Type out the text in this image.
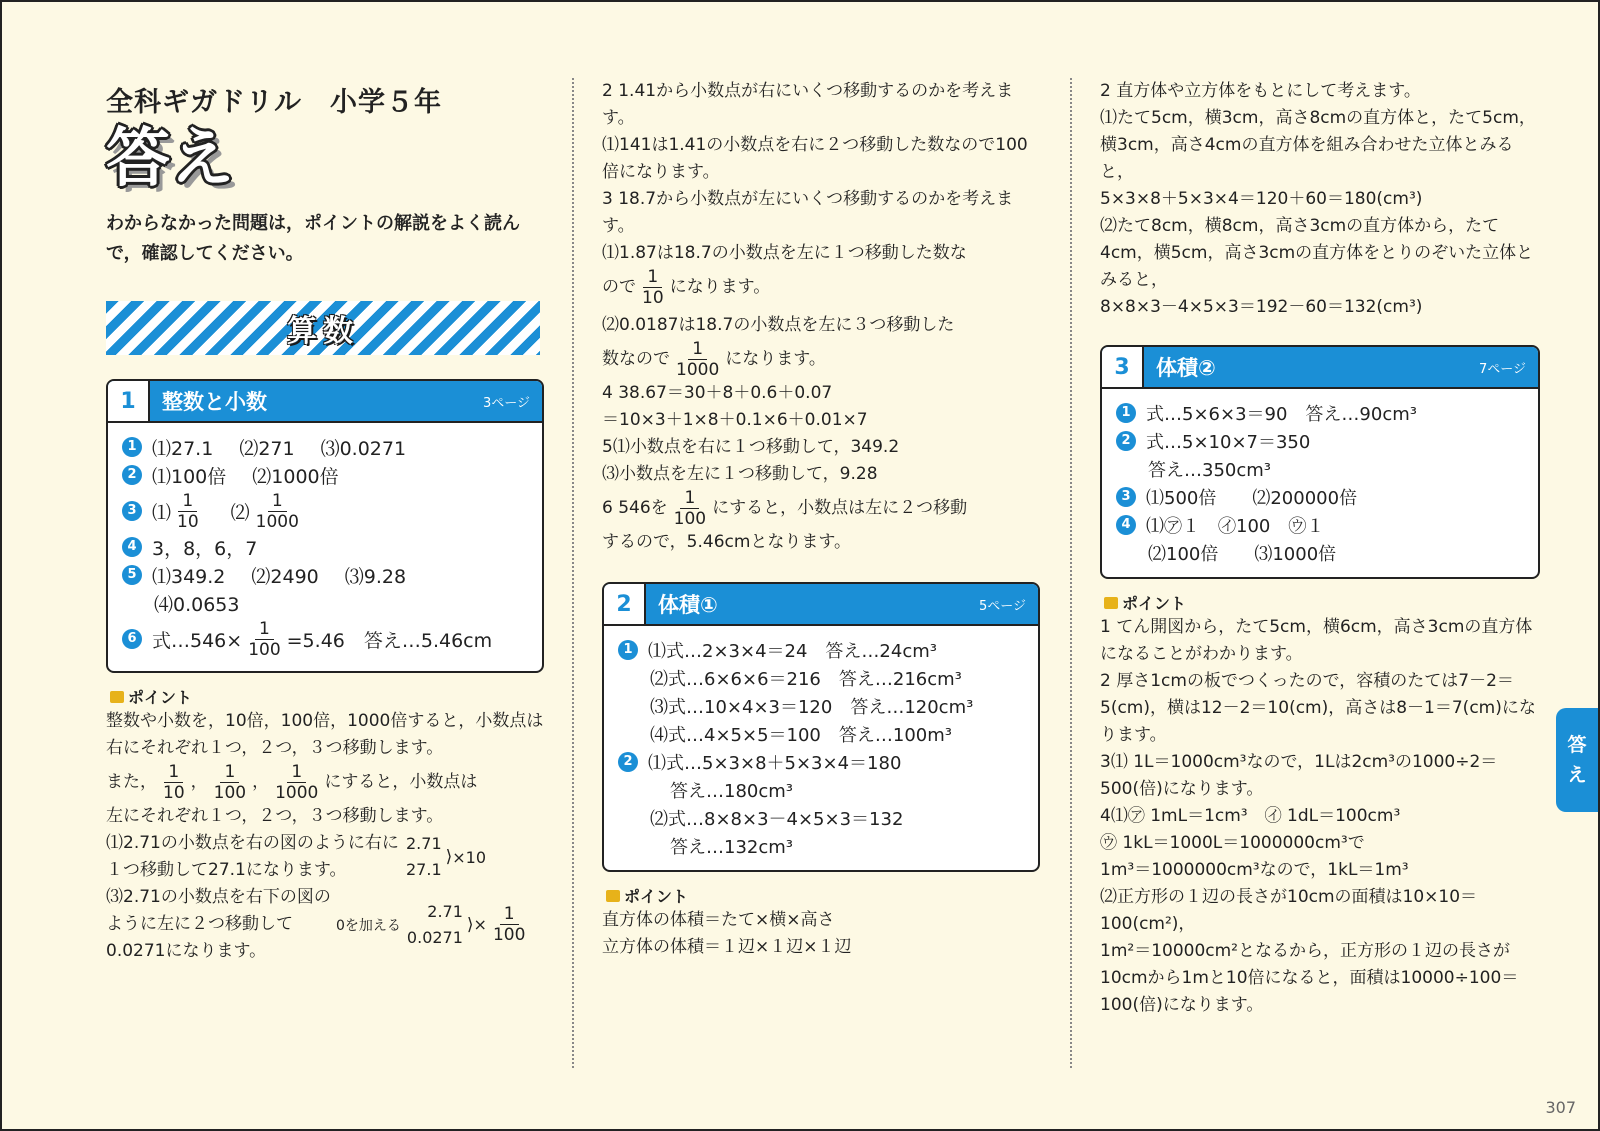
全科ギガドリル　小学５年
答え
わからなかった問題は，ポイントの解説をよく読んで，確認してください。
算数
1	整数と小数	3ページ
1 ⑴27.1 ⑵271 ⑶0.0271
2 ⑴100倍 ⑵1000倍
3 ⑴ $\frac{1}{10}$ ⑵ $\frac{1}{1000}$
4 3，8，6，7
5 ⑴349.2 ⑵2490 ⑶9.28
⑷0.0653
6 式…546× $\frac{1}{100} =5.46$　答え…5.46cm
ポイント
整数や小数を，10倍，100倍，1000倍すると，小数点は右にそれぞれ１つ，２つ，３つ移動します。
また， $\frac{1}{10}$ ， $\frac{1}{100}$ ， $\frac{1}{1000}$ にすると，小数点は
左にそれぞれ１つ，２つ，３つ移動します。
⑴2.71の小数点を右の図のように右に１つ移動して27.1になります。
2.71
27.1
⟩ ×10
⑶2.71の小数点を右下の図のように左に２つ移動して0.0271になります。
0を加える
2.71
0.0271
⟩ × $\frac{1}{100}$
2 1.41から小数点が右にいくつ移動するのかを考えます。
⑴141は1.41の小数点を右に２つ移動した数なので100倍になります。
3 18.7から小数点が左にいくつ移動するのかを考えます。
⑴1.87は18.7の小数点を左に１つ移動した数な
ので $\frac{1}{10}$ になります。
⑵0.0187は18.7の小数点を左に３つ移動した
数なので $\frac{1}{1000}$ になります。
4 38.67＝30＋8＋0.6＋0.07
＝10×3＋1×8＋0.1×6＋0.01×7
5⑴小数点を右に１つ移動して，349.2
⑶小数点を左に１つ移動して，9.28
6 546を $\frac{1}{100}$ にすると，小数点は左に２つ移動
するので，5.46cmとなります。
2	体積①	5ページ
1 ⑴式…2×3×4＝24　答え…24cm³
⑵式…6×6×6＝216　答え…216cm³
⑶式…10×4×3＝120　答え…120cm³
⑷式…4×5×5＝100　答え…100m³
2 ⑴式…5×3×8＋5×3×4＝180
答え…180cm³
⑵式…8×8×3－4×5×3＝132
答え…132cm³
ポイント
直方体の体積＝たて×横×高さ
立方体の体積＝１辺×１辺×１辺
2 直方体や立方体をもとにして考えます。
⑴たて5cm，横3cm，高さ8cmの直方体と，たて5cm，横3cm，高さ4cmの直方体を組み合わせた立体とみると，
5×3×8＋5×3×4＝120＋60＝180(cm³)
⑵たて8cm，横8cm，高さ3cmの直方体から，たて4cm，横5cm，高さ3cmの直方体をとりのぞいた立体とみると，
8×8×3－4×5×3＝192－60＝132(cm³)
3	体積②	7ページ
1 式…5×6×3＝90　答え…90cm³
2 式…5×10×7＝350
答え…350cm³
3 ⑴500倍　　⑵200000倍
4 ⑴㋐１　㋑100　㋒１
⑵100倍　　⑶1000倍
ポイント
1 てん開図から，たて5cm，横6cm，高さ3cmの直方体になることがわかります。
2 厚さ1cmの板でつくったので，容積のたては7－2＝5(cm)，横は12－2＝10(cm)，高さは8－1＝7(cm)になります。
3⑴ 1L＝1000cm³なので，1Lは2cm³の1000÷2＝500(倍)になります。
4⑴㋐ 1mL＝1cm³　㋑ 1dL＝100cm³
㋒ 1kL＝1000L＝1000000cm³で
1m³＝1000000cm³なので，1kL＝1m³
⑵正方形の１辺の長さが10cmの面積は10×10＝100(cm²)，
1m²＝10000cm²となるから，正方形の１辺の長さが10cmから1mと10倍になると，面積は10000÷100＝100(倍)になります。
答
え
307
